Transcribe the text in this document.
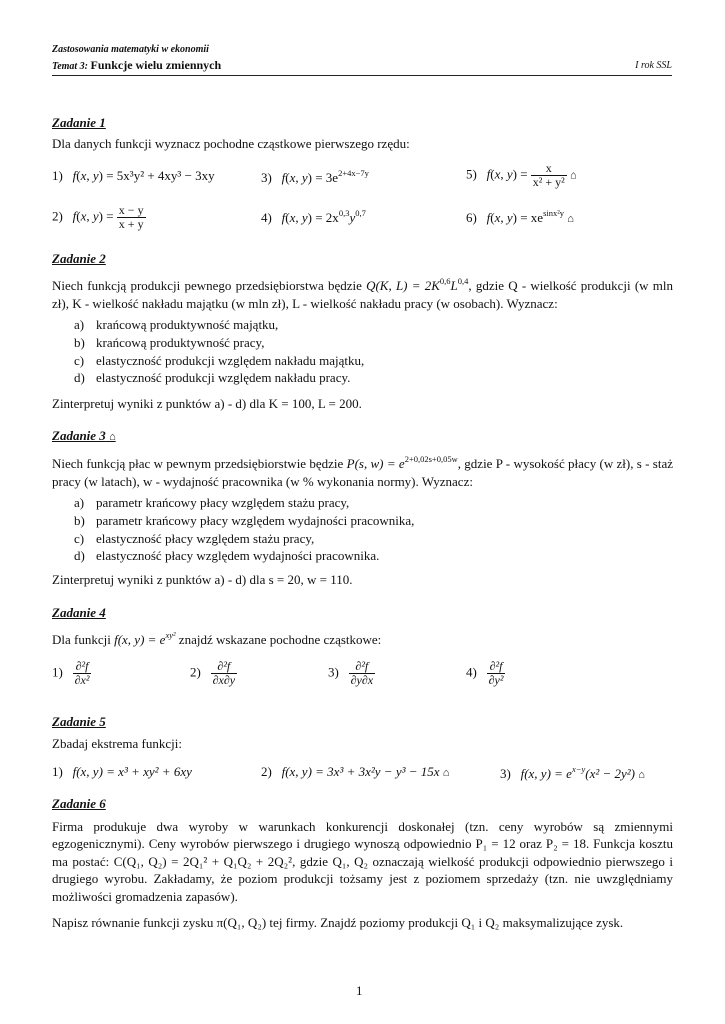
Zastosowania matematyki w ekonomii
Temat 3: Funkcje wielu zmiennych	I rok SSL
Zadanie 1
Dla danych funkcji wyznacz pochodne cząstkowe pierwszego rzędu:
1) f(x, y) = 5x³y² + 4xy³ − 3xy	3) f(x, $y) = 3e^{2+4x-7y}$	5) f(x, $y) = \frac{x}{\text{x² + y²}}$ ⌂
2) f(x, $y) = \frac{x - y}{x + y}$	4) f(x, $y) = 2x^{0,3}y^{0,7}$	6) f(x, $y) = xe^{sinx^2y}$ ⌂
Zadanie 2
Niech funkcją produkcji pewnego przedsiębiorstwa będzie Q(K, $L) = 2K^{0,6}L^{0,4}$, gdzie Q - wielkość produkcji (w mln zł), K - wielkość nakładu majątku (w mln zł), L - wielkość nakładu pracy (w osobach). Wyznacz:
a) krańcową produktywność majątku,
b) krańcową produktywność pracy,
c) elastyczność produkcji względem nakładu majątku,
d) elastyczność produkcji względem nakładu pracy.
Zinterpretuj wyniki z punktów a) - d) dla K = 100, L = 200.
Zadanie 3 ⌂
Niech funkcją płac w pewnym przedsiębiorstwie będzie P(s, $w) = e^{2+0,02s+0,05w}$, gdzie P - wysokość płacy (w zł), s - staż pracy (w latach), w - wydajność pracownika (w % wykonania normy). Wyznacz:
a) parametr krańcowy płacy względem stażu pracy,
b) parametr krańcowy płacy względem wydajności pracownika,
c) elastyczność płacy względem stażu pracy,
d) elastyczność płacy względem wydajności pracownika.
Zinterpretuj wyniki z punktów a) - d) dla s = 20, w = 110.
Zadanie 4
Dla funkcji f(x, $y) = e^{xy^2}$ znajdź wskazane pochodne cząstkowe:
$1) \frac{\text{∂²f}}{\text{∂x²}}$	$2) \frac{\text{∂²f}}{\partial x\partial y}$	$3) \frac{\text{∂²f}}{\partial y\partial x}$	$4) \frac{\text{∂²f}}{\text{∂y²}}$
Zadanie 5
Zbadaj ekstrema funkcji:
1) f(x, y) = x³ + xy² + 6xy	2) f(x, y) = 3x³ + 3x²y − y³ − 15x ⌂	3) f(x, $y) = e^{x-y}(x^2 - 2y^2)$ ⌂
Zadanie 6
Firma produkuje dwa wyroby w warunkach konkurencji doskonałej (tzn. ceny wyrobów są zmiennymi egzogenicznymi). Ceny wyrobów pierwszego i drugiego wynoszą odpowiednio P₁ = 12 oraz P₂ = 18. Funkcja kosztu ma postać: C(Q₁, Q₂) = 2Q₁² + Q₁Q₂ + 2Q₂², gdzie Q₁, Q₂ oznaczają wielkość produkcji odpowiednio pierwszego i drugiego wyrobu. Zakładamy, że poziom produkcji tożsamy jest z poziomem sprzedaży (tzn. nie uwzględniamy możliwości gromadzenia zapasów).
Napisz równanie funkcji zysku π(Q₁, Q₂) tej firmy. Znajdź poziomy produkcji Q₁ i Q₂ maksymalizujące zysk.
1
